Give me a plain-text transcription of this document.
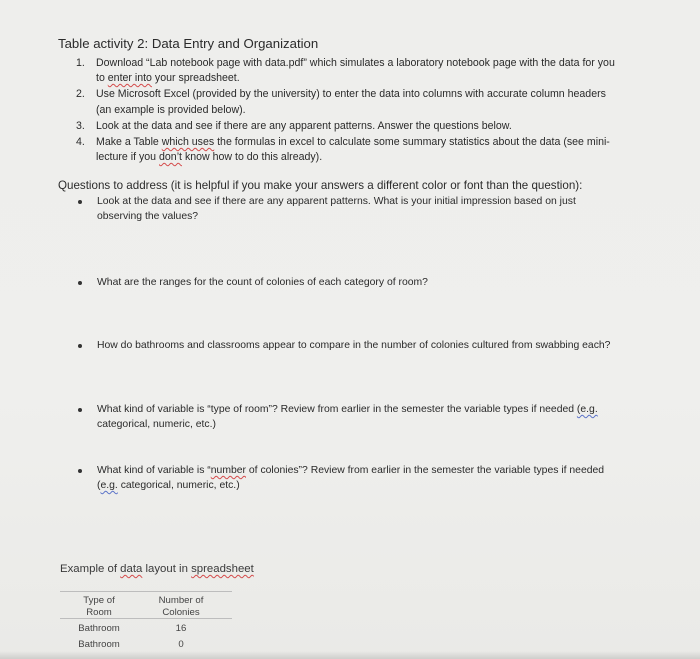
Table activity 2: Data Entry and Organization
1. Download “Lab notebook page with data.pdf” which simulates a laboratory notebook page with the data for you
to enter into your spreadsheet.
2. Use Microsoft Excel (provided by the university) to enter the data into columns with accurate column headers
(an example is provided below).
3. Look at the data and see if there are any apparent patterns. Answer the questions below.
4. Make a Table which uses the formulas in excel to calculate some summary statistics about the data (see mini-
lecture if you don’t know how to do this already).
Questions to address (it is helpful if you make your answers a different color or font than the question):
Look at the data and see if there are any apparent patterns. What is your initial impression based on just
observing the values?
What are the ranges for the count of colonies of each category of room?
How do bathrooms and classrooms appear to compare in the number of colonies cultured from swabbing each?
What kind of variable is “type of room”? Review from earlier in the semester the variable types if needed (e.g.
categorical, numeric, etc.)
What kind of variable is “number of colonies”? Review from earlier in the semester the variable types if needed
(e.g. categorical, numeric, etc.)
Example of data layout in spreadsheet
Type of
Room
Number of
Colonies
Bathroom	16
Bathroom	0
